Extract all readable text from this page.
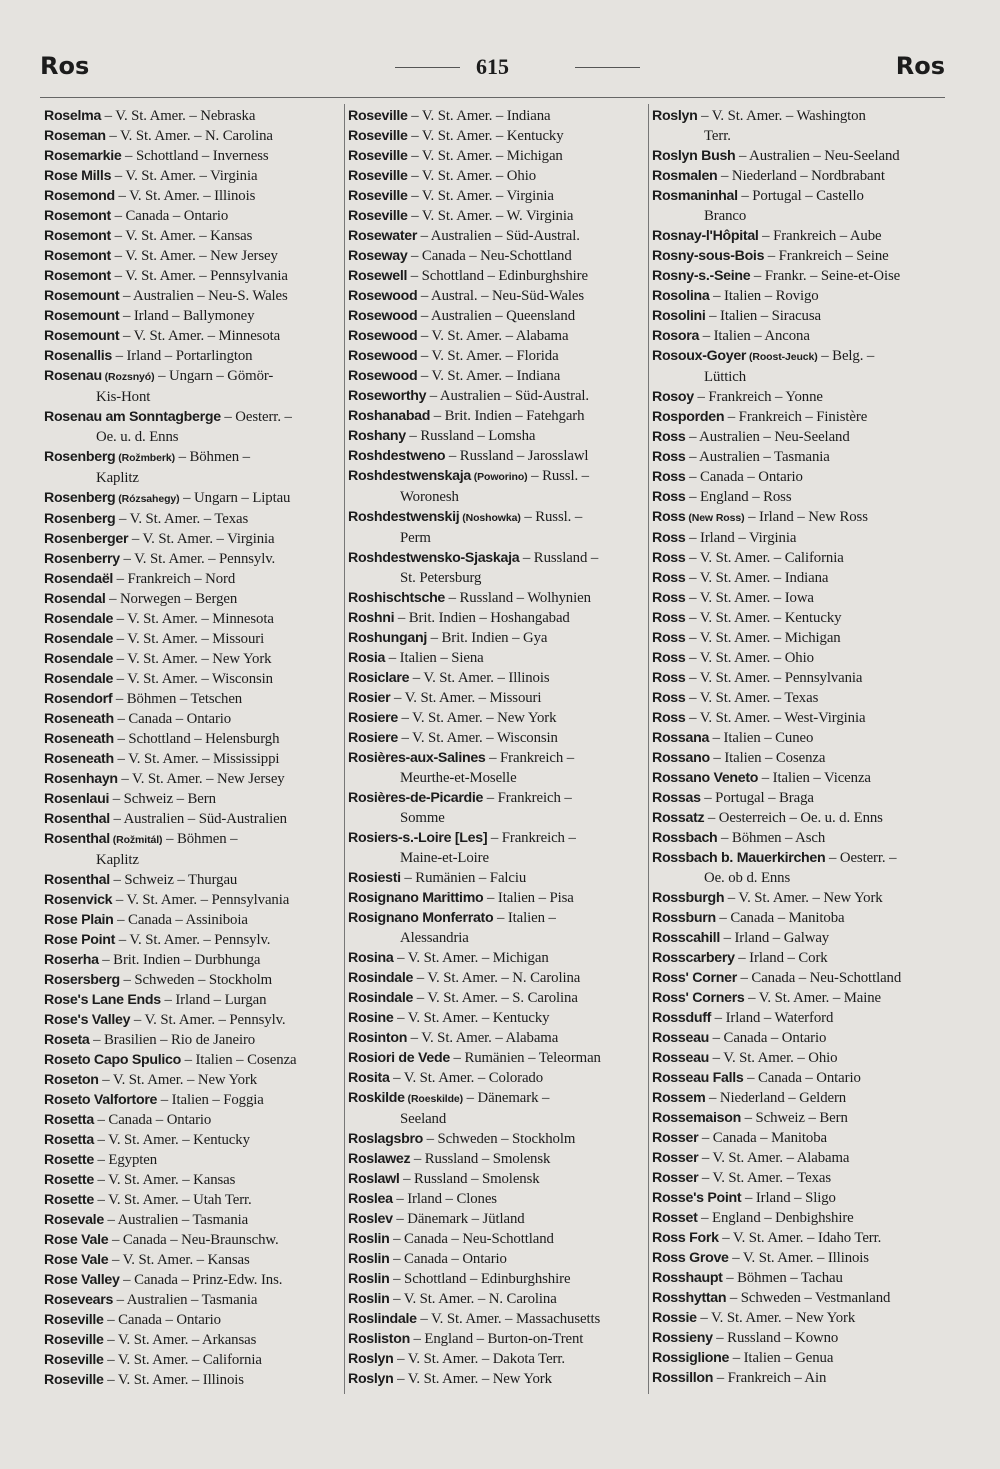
Ros	615	Ros
Roselma – V. St. Amer. – Nebraska
Roseman – V. St. Amer. – N. Carolina
Rosemarkie – Schottland – Inverness
Rose Mills – V. St. Amer. – Virginia
Rosemond – V. St. Amer. – Illinois
Rosemont – Canada – Ontario
Rosemont – V. St. Amer. – Kansas
Rosemont – V. St. Amer. – New Jersey
Rosemont – V. St. Amer. – Pennsylvania
Rosemount – Australien – Neu-S. Wales
Rosemount – Irland – Ballymoney
Rosemount – V. St. Amer. – Minnesota
Rosenallis – Irland – Portarlington
Rosenau (Rozsnyó) – Ungarn – Gömör-
Kis-Hont
Rosenau am Sonntagberge – Oesterr. –
Oe. u. d. Enns
Rosenberg (Rožmberk) – Böhmen –
Kaplitz
Rosenberg (Rózsahegy) – Ungarn – Liptau
Rosenberg – V. St. Amer. – Texas
Rosenberger – V. St. Amer. – Virginia
Rosenberry – V. St. Amer. – Pennsylv.
Rosendaël – Frankreich – Nord
Rosendal – Norwegen – Bergen
Rosendale – V. St. Amer. – Minnesota
Rosendale – V. St. Amer. – Missouri
Rosendale – V. St. Amer. – New York
Rosendale – V. St. Amer. – Wisconsin
Rosendorf – Böhmen – Tetschen
Roseneath – Canada – Ontario
Roseneath – Schottland – Helensburgh
Roseneath – V. St. Amer. – Mississippi
Rosenhayn – V. St. Amer. – New Jersey
Rosenlaui – Schweiz – Bern
Rosenthal – Australien – Süd-Australien
Rosenthal (Rožmitál) – Böhmen –
Kaplitz
Rosenthal – Schweiz – Thurgau
Rosenvick – V. St. Amer. – Pennsylvania
Rose Plain – Canada – Assiniboia
Rose Point – V. St. Amer. – Pennsylv.
Roserha – Brit. Indien – Durbhunga
Rosersberg – Schweden – Stockholm
Rose's Lane Ends – Irland – Lurgan
Rose's Valley – V. St. Amer. – Pennsylv.
Roseta – Brasilien – Rio de Janeiro
Roseto Capo Spulico – Italien – Cosenza
Roseton – V. St. Amer. – New York
Roseto Valfortore – Italien – Foggia
Rosetta – Canada – Ontario
Rosetta – V. St. Amer. – Kentucky
Rosette – Egypten
Rosette – V. St. Amer. – Kansas
Rosette – V. St. Amer. – Utah Terr.
Rosevale – Australien – Tasmania
Rose Vale – Canada – Neu-Braunschw.
Rose Vale – V. St. Amer. – Kansas
Rose Valley – Canada – Prinz-Edw. Ins.
Rosevears – Australien – Tasmania
Roseville – Canada – Ontario
Roseville – V. St. Amer. – Arkansas
Roseville – V. St. Amer. – California
Roseville – V. St. Amer. – Illinois
Roseville – V. St. Amer. – Indiana
Roseville – V. St. Amer. – Kentucky
Roseville – V. St. Amer. – Michigan
Roseville – V. St. Amer. – Ohio
Roseville – V. St. Amer. – Virginia
Roseville – V. St. Amer. – W. Virginia
Rosewater – Australien – Süd-Austral.
Roseway – Canada – Neu-Schottland
Rosewell – Schottland – Edinburghshire
Rosewood – Austral. – Neu-Süd-Wales
Rosewood – Australien – Queensland
Rosewood – V. St. Amer. – Alabama
Rosewood – V. St. Amer. – Florida
Rosewood – V. St. Amer. – Indiana
Roseworthy – Australien – Süd-Austral.
Roshanabad – Brit. Indien – Fatehgarh
Roshany – Russland – Lomsha
Roshdestweno – Russland – Jarosslawl
Roshdestwenskaja (Poworino) – Russl. –
Woronesh
Roshdestwenskij (Noshowka) – Russl. –
Perm
Roshdestwensko-Sjaskaja – Russland –
St. Petersburg
Roshischtsche – Russland – Wolhynien
Roshni – Brit. Indien – Hoshangabad
Roshunganj – Brit. Indien – Gya
Rosia – Italien – Siena
Rosiclare – V. St. Amer. – Illinois
Rosier – V. St. Amer. – Missouri
Rosiere – V. St. Amer. – New York
Rosiere – V. St. Amer. – Wisconsin
Rosières-aux-Salines – Frankreich –
Meurthe-et-Moselle
Rosières-de-Picardie – Frankreich –
Somme
Rosiers-s.-Loire [Les] – Frankreich –
Maine-et-Loire
Rosiesti – Rumänien – Falciu
Rosignano Marittimo – Italien – Pisa
Rosignano Monferrato – Italien –
Alessandria
Rosina – V. St. Amer. – Michigan
Rosindale – V. St. Amer. – N. Carolina
Rosindale – V. St. Amer. – S. Carolina
Rosine – V. St. Amer. – Kentucky
Rosinton – V. St. Amer. – Alabama
Rosiori de Vede – Rumänien – Teleorman
Rosita – V. St. Amer. – Colorado
Roskilde (Roeskilde) – Dänemark –
Seeland
Roslagsbro – Schweden – Stockholm
Roslawez – Russland – Smolensk
Roslawl – Russland – Smolensk
Roslea – Irland – Clones
Roslev – Dänemark – Jütland
Roslin – Canada – Neu-Schottland
Roslin – Canada – Ontario
Roslin – Schottland – Edinburghshire
Roslin – V. St. Amer. – N. Carolina
Roslindale – V. St. Amer. – Massachusetts
Rosliston – England – Burton-on-Trent
Roslyn – V. St. Amer. – Dakota Terr.
Roslyn – V. St. Amer. – New York
Roslyn – V. St. Amer. – Washington
Terr.
Roslyn Bush – Australien – Neu-Seeland
Rosmalen – Niederland – Nordbrabant
Rosmaninhal – Portugal – Castello
Branco
Rosnay-l'Hôpital – Frankreich – Aube
Rosny-sous-Bois – Frankreich – Seine
Rosny-s.-Seine – Frankr. – Seine-et-Oise
Rosolina – Italien – Rovigo
Rosolini – Italien – Siracusa
Rosora – Italien – Ancona
Rosoux-Goyer (Roost-Jeuck) – Belg. –
Lüttich
Rosoy – Frankreich – Yonne
Rosporden – Frankreich – Finistère
Ross – Australien – Neu-Seeland
Ross – Australien – Tasmania
Ross – Canada – Ontario
Ross – England – Ross
Ross (New Ross) – Irland – New Ross
Ross – Irland – Virginia
Ross – V. St. Amer. – California
Ross – V. St. Amer. – Indiana
Ross – V. St. Amer. – Iowa
Ross – V. St. Amer. – Kentucky
Ross – V. St. Amer. – Michigan
Ross – V. St. Amer. – Ohio
Ross – V. St. Amer. – Pennsylvania
Ross – V. St. Amer. – Texas
Ross – V. St. Amer. – West-Virginia
Rossana – Italien – Cuneo
Rossano – Italien – Cosenza
Rossano Veneto – Italien – Vicenza
Rossas – Portugal – Braga
Rossatz – Oesterreich – Oe. u. d. Enns
Rossbach – Böhmen – Asch
Rossbach b. Mauerkirchen – Oesterr. –
Oe. ob d. Enns
Rossburgh – V. St. Amer. – New York
Rossburn – Canada – Manitoba
Rosscahill – Irland – Galway
Rosscarbery – Irland – Cork
Ross' Corner – Canada – Neu-Schottland
Ross' Corners – V. St. Amer. – Maine
Rossduff – Irland – Waterford
Rosseau – Canada – Ontario
Rosseau – V. St. Amer. – Ohio
Rosseau Falls – Canada – Ontario
Rossem – Niederland – Geldern
Rossemaison – Schweiz – Bern
Rosser – Canada – Manitoba
Rosser – V. St. Amer. – Alabama
Rosser – V. St. Amer. – Texas
Rosse's Point – Irland – Sligo
Rosset – England – Denbighshire
Ross Fork – V. St. Amer. – Idaho Terr.
Ross Grove – V. St. Amer. – Illinois
Rosshaupt – Böhmen – Tachau
Rosshyttan – Schweden – Vestmanland
Rossie – V. St. Amer. – New York
Rossieny – Russland – Kowno
Rossiglione – Italien – Genua
Rossillon – Frankreich – Ain
